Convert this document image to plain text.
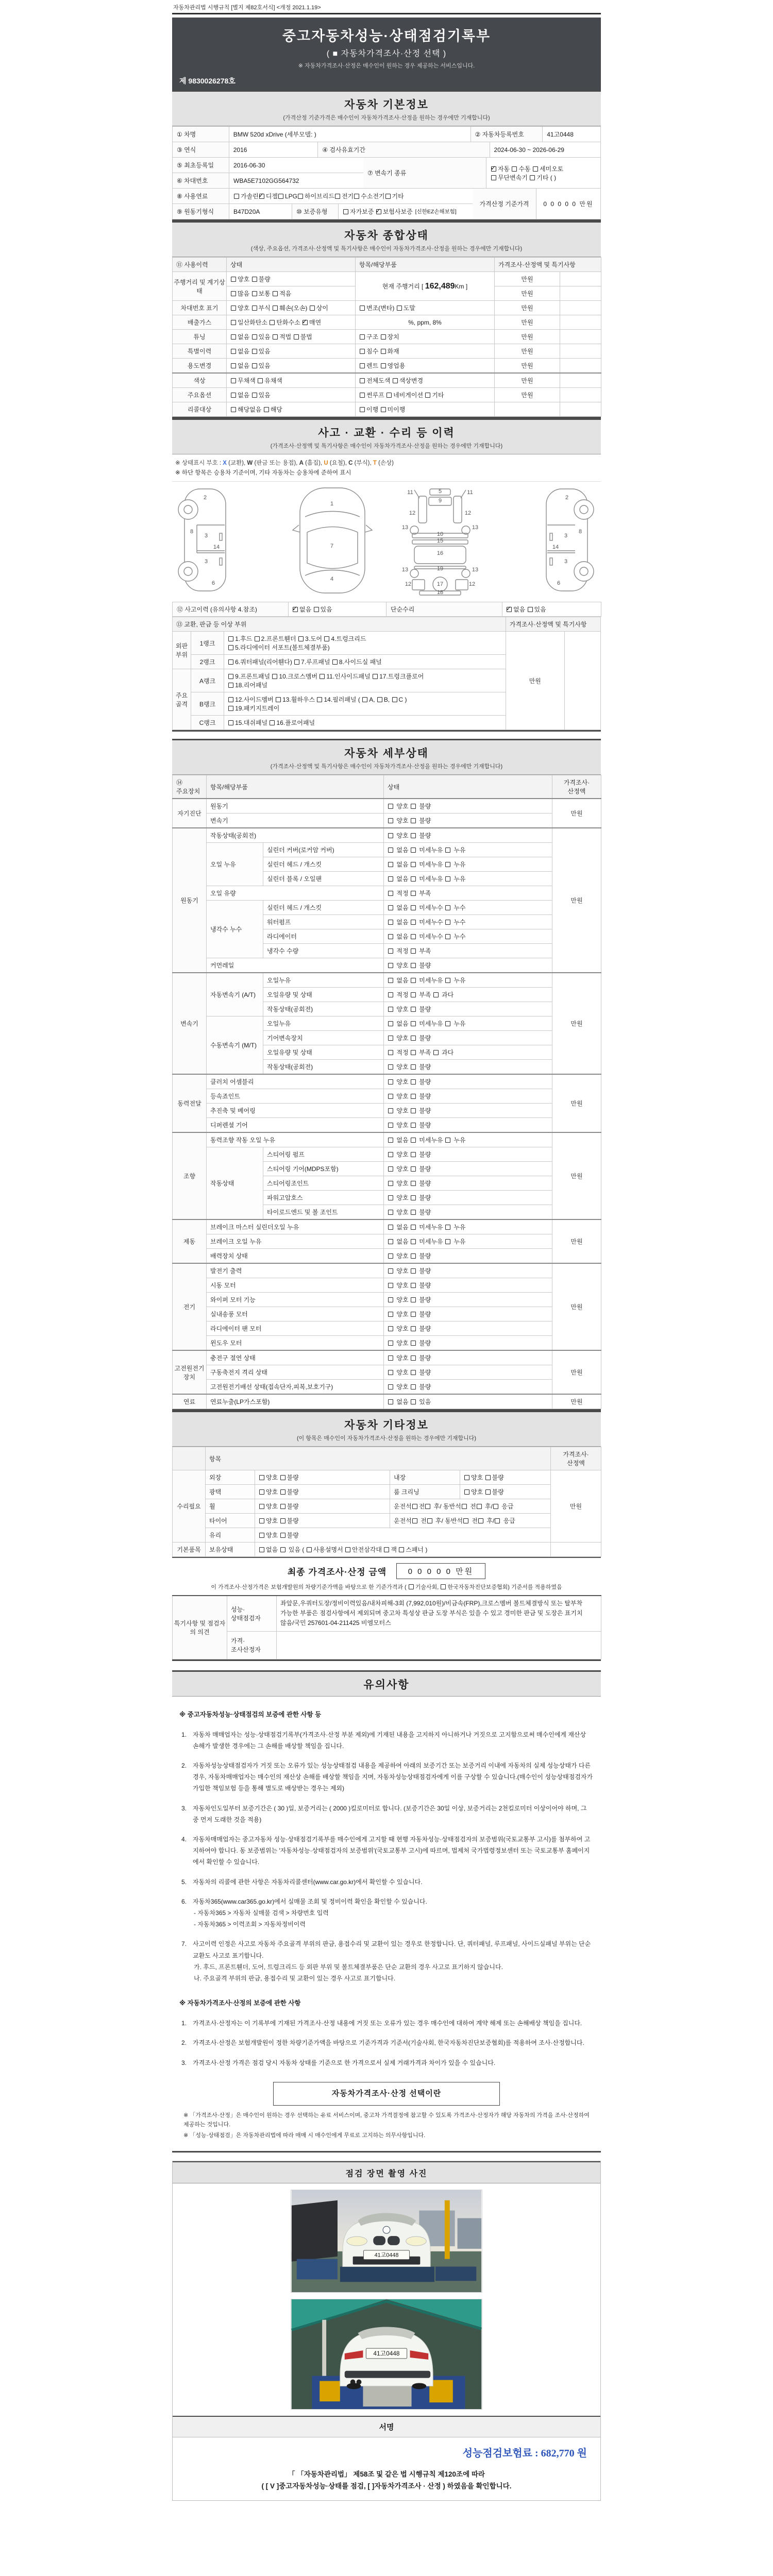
자동차관리법 시행규칙 [별지 제82호서식] <개정 2021.1.19>
중고자동차성능·상태점검기록부
( ■ 자동차가격조사·산정 선택 )
※ 자동차가격조사·산정은 매수인이 원하는 경우 제공하는 서비스입니다.
제 9830026278호
자동차 기본정보

(가격산정 기준가격은 매수인이 자동차가격조사·산정을 원하는 경우에만 기재합니다)

① 차명	BMW 520d xDrive (세부모델: )	② 자동차등록번호	41고0448
③ 연식	2016	④ 검사유효기간	2024-06-30 ~ 2026-06-29
⑤ 최초등록일	2016-06-30
⑥ 차대번호	WBA5E7102GG564732
⑦ 변속기 종류
✓자동 수동 세미오토
무단변속기 기타 ( )
⑧ 사용연료	가솔린
✓
디젤
LPG
하이브리드
전기
수소전기
기타
⑨ 원동기형식	B47D20A	⑩ 보증유형	자가보증 ✓보험사보증 [신한EZ손해보험]
가격산정 기준가격	0 0 0 0 0 만원
자동차 종합상태

(색상, 주요옵션, 가격조사·산정액 및 특기사항은 매수인이 자동차가격조사·산정을 원하는 경우에만 기재합니다)

⑪ 사용이력	상태	항목/해당부품	가격조사·산정액 및 특기사항	
주행거리 및 계기상태	양호 불량	현재 주행거리 [ 162,489Km ]	만원	
	많음 보통 적음		만원	
차대번호 표기	양호 부식 훼손(오손) 상이	변조(변타) 도말	만원	
배출가스	일산화탄소 탄화수소 ✓매연	%, ppm, 8%	만원	
튜닝	없음 있음 적법 불법	구조 장치	만원	
특별이력	없음 있음	침수 화재	만원	
용도변경	없음 있음	렌트 영업용	만원	
색상	무채색 유채색	전체도색 색상변경	만원	
주요옵션	없음 있음	썬루프 네비게이션 기타	만원	
리콜대상	해당없음 해당	이행 미이행		
사고 · 교환 · 수리 등 이력

(가격조사·산정액 및 특기사항은 매수인이 자동차가격조사·산정을 원하는 경우에만 기재합니다)

※ 상태표시 부호 : X (교환), W (판금 또는 용접), A (흠집), U (요철), C (부식), T (손상)
※ 하단 항목은 승용차 기준이며, 기타 자동차는 승용차에 준하여 표시
2
8
3
14
3
6
1
7
4
11	11
12	12
13	13
5
9
10
15
16
13	13
19
12	12
17
18
2
8
3
14
3
6
⑫ 사고이력 (유의사항 4.참조)	✓없음 있음	단순수리	✓없음 있음
⑬ 교환, 판금 등 이상 부위			가격조사·산정액 및 특기사항	
외판부위	1랭크	1.후드 2.프론트휀더 3.도어 4.트렁크리드
5.라디에이터 서포트(볼트체결부품)	만원	
	2랭크	6.쿼터패널(리어휀다) 7.루프패널 8.사이드실 패널		
주요골격	A랭크	9.프론트패널 10.크로스멤버 11.인사이드패널 17.트렁크플로어
18.리어패널		
	B랭크	12.사이드멤버 13.휠하우스 14.필러패널 ( A, B, C )
19.패키지트레이		
	C랭크	15.대쉬패널 16.플로어패널		
자동차 세부상태

(가격조사·산정액 및 특기사항은 매수인이 자동차가격조사·산정을 원하는 경우에만 기재합니다)

⑭ 주요장치	항목/해당부품		상태	가격조사·산정액
자기진단	원동기		양호  불량	만원
	변속기		양호  불량	
원동기	작동상태(공회전)		양호  불량	만원
	오일 누유	실린더 커버(로커암 커버)	없음  미세누유  누유	
		실린더 헤드 / 개스킷	없음  미세누유  누유	
		실린더 블록 / 오일팬	없음  미세누유  누유	
	오일 유량		적정  부족	
	냉각수 누수	실린더 헤드 / 개스킷	없음  미세누수  누수	
		워터펌프	없음  미세누수  누수	
		라디에이터	없음  미세누수  누수	
		냉각수 수량	적정  부족	
	커먼레일		양호  불량	
변속기	자동변속기 (A/T)	오일누유	없음  미세누유  누유	만원
		오일유량 및 상태	적정  부족  과다	
		작동상태(공회전)	양호  불량	
	수동변속기 (M/T)	오일누유	없음  미세누유  누유	
		기어변속장치	양호  불량	
		오일유량 및 상태	적정  부족  과다	
		작동상태(공회전)	양호  불량	
동력전달	클러치 어셈블리		양호  불량	만원
	등속죠인트		양호  불량	
	추진축 및 베어링		양호  불량	
	디퍼렌셜 기어		양호  불량	
조향	동력조향 작동 오일 누유		없음  미세누유  누유	만원
	작동상태	스티어링 펌프	양호  불량	
		스티어링 기어(MDPS포함)	양호  불량	
		스티어링조인트	양호  불량	
		파워고압호스	양호  불량	
		타이로드엔드 및 볼 조인트	양호  불량	
제동	브레이크 마스터 실린더오일 누유		없음  미세누유  누유	만원
	브레이크 오일 누유		없음  미세누유  누유	
	배력장치 상태		양호  불량	
전기	발전기 출력		양호  불량	만원
	시동 모터		양호  불량	
	와이퍼 모터 기능		양호  불량	
	실내송풍 모터		양호  불량	
	라디에이터 팬 모터		양호  불량	
	윈도우 모터		양호  불량	
고전원전기장치	충전구 절연 상태		양호  불량	만원
	구동축전지 격리 상태		양호  불량	
	고전원전기배선 상태(접속단자,피복,보호기구)		양호  불량	
연료	연료누출(LP가스포함)		없음  있음	만원
자동차 기타정보

(이 항목은 매수인이 자동차가격조사·산정을 원하는 경우에만 기재합니다)

	항목				가격조사·산정액
수리필요	외장	양호 불량	내장	양호 불량	만원
	광택	양호 불량	룸 크리닝	양호 불량	
	휠	양호 불량	운전석 전 후/ 동반석 전 후/ 응급		
	타이어	양호 불량	운전석 전 후/ 동반석 전 후/ 응급		
	유리	양호 불량			
기본품목	보유상태	없음  있음 ( 사용설명서 안전삼각대 잭 스패너 )			
최종 가격조사·산정 금액	0 0 0 0 0 만원
이 가격조사·산정가격은 보험개발원의 차량기준가액을 바탕으로 한 기준가격과 ( 기술사회, 한국자동차진단보증협회) 기준서를 적용하였음
특기사항 및 점검자의 의견	성능·상태점검자	좌앞문,우쿼터도장/정비이력있음/내차피해-3회 (7,992,010원)/비금속(FRP),크로스멤버 볼트체결방식 또는 탈부착 가능한 부품은 점검사항에서 제외되며 중고차 특성상 판금 도장 부식은 있을 수 있고 경미한 판금 및 도장은 표기치 않음/국민 257601-04-211425 비엠모터스
	가격·조사산정자	
유의사항
※ 중고자동차성능·상태점검의 보증에 관한 사항 등
1. 자동차 매매업자는 성능·상태점검기록부(가격조사·산정 부분 제외)에 기재된 내용을 고지하지 아니하거나 거짓으로 고지함으로써 매수인에게 재산상 손해가 발생한 경우에는 그 손해를 배상할 책임을 집니다.
2. 자동차성능상태점검자가 거짓 또는 오류가 있는 성능상태점검 내용을 제공하여 아래의 보증기간 또는 보증거리 이내에 자동차의 실제 성능상태가 다른 경우, 자동차매매업자는 매수인의 재산상 손해를 배상할 책임을 지며, 자동차성능상태점검자에게 이를 구상할 수 있습니다.(매수인이 성능상태점검자가 가입한 책임보험 등을 통해 별도로 배상받는 경우는 제외)
3. 자동차인도일부터 보증기간은 ( 30 )일, 보증거리는 ( 2000 )킬로미터로 합니다. (보증기간은 30일 이상, 보증거리는 2천킬로미터 이상이어야 하며, 그 중 먼저 도래한 것을 적용)
4. 자동차매매업자는 중고자동차 성능·상태점검기록부를 매수인에게 고지할 때 현행 자동차성능·상태점검자의 보증범위(국토교통부 고시)를 첨부하여 고지하여야 합니다. 동 보증범위는 '자동차성능·상태점검자의 보증범위'(국토교통부 고시)에 따르며, 법제처 국가법령정보센터 또는 국토교통부 홈페이지에서 확인할 수 있습니다.
5. 자동차의 리콜에 관한 사항은 자동차리콜센터(www.car.go.kr)에서 확인할 수 있습니다.
6. 자동차365(www.car365.go.kr)에서 실매물 조회 및 정비이력 확인을 확인할 수 있습니다.
- 자동차365 > 자동차 실매물 검색 > 차량번호 입력
- 자동차365 > 이력조회 > 자동차정비이력
7. 사고이력 인정은 사고로 자동차 주요골격 부위의 판금, 용접수리 및 교환이 있는 경우로 한정합니다. 단, 쿼터패널, 루프패널, 사이드실패널 부위는 단순 교환도 사고로 표기합니다.
가. 후드, 프론트휀더, 도어, 트렁크리드 등 외판 부위 및 볼트체결부품은 단순 교환의 경우 사고로 표기하지 않습니다.
나. 주요골격 부위의 판금, 용접수리 및 교환이 있는 경우 사고로 표기합니다.
※ 자동차가격조사·산정의 보증에 관한 사항
1. 가격조사·산정자는 이 기록부에 기재된 가격조사·산정 내용에 거짓 또는 오류가 있는 경우 매수인에 대하여 계약 해제 또는 손해배상 책임을 집니다.
2. 가격조사·산정은 보험개발원이 정한 차량기준가액을 바탕으로 기준가격과 기준서(기술사회, 한국자동차진단보증협회)를 적용하여 조사·산정합니다.
3. 가격조사·산정 가격은 점검 당시 자동차 상태를 기준으로 한 가격으로서 실제 거래가격과 차이가 있을 수 있습니다.
자동차가격조사·산정 선택이란
※ 「가격조사·산정」은 매수인이 원하는 경우 선택하는 유료 서비스이며, 중고차 가격결정에 참고할 수 있도록 가격조사·산정자가 해당 자동차의 가격을 조사·산정하여 제공하는 것입니다.
※ 「성능·상태점검」은 자동차관리법에 따라 매매 시 매수인에게 무료로 고지하는 의무사항입니다.
점검 장면 촬영 사진
41고0448
41고0448
서명
성능점검보험료 : 682,770 원
「 「자동차관리법」 제58조 및 같은 법 시행규칙 제120조에 따라
( [ V ]중고자동차성능·상태를 점검, [ ]자동차가격조사 · 산정 ) 하였음을 확인합니다.
